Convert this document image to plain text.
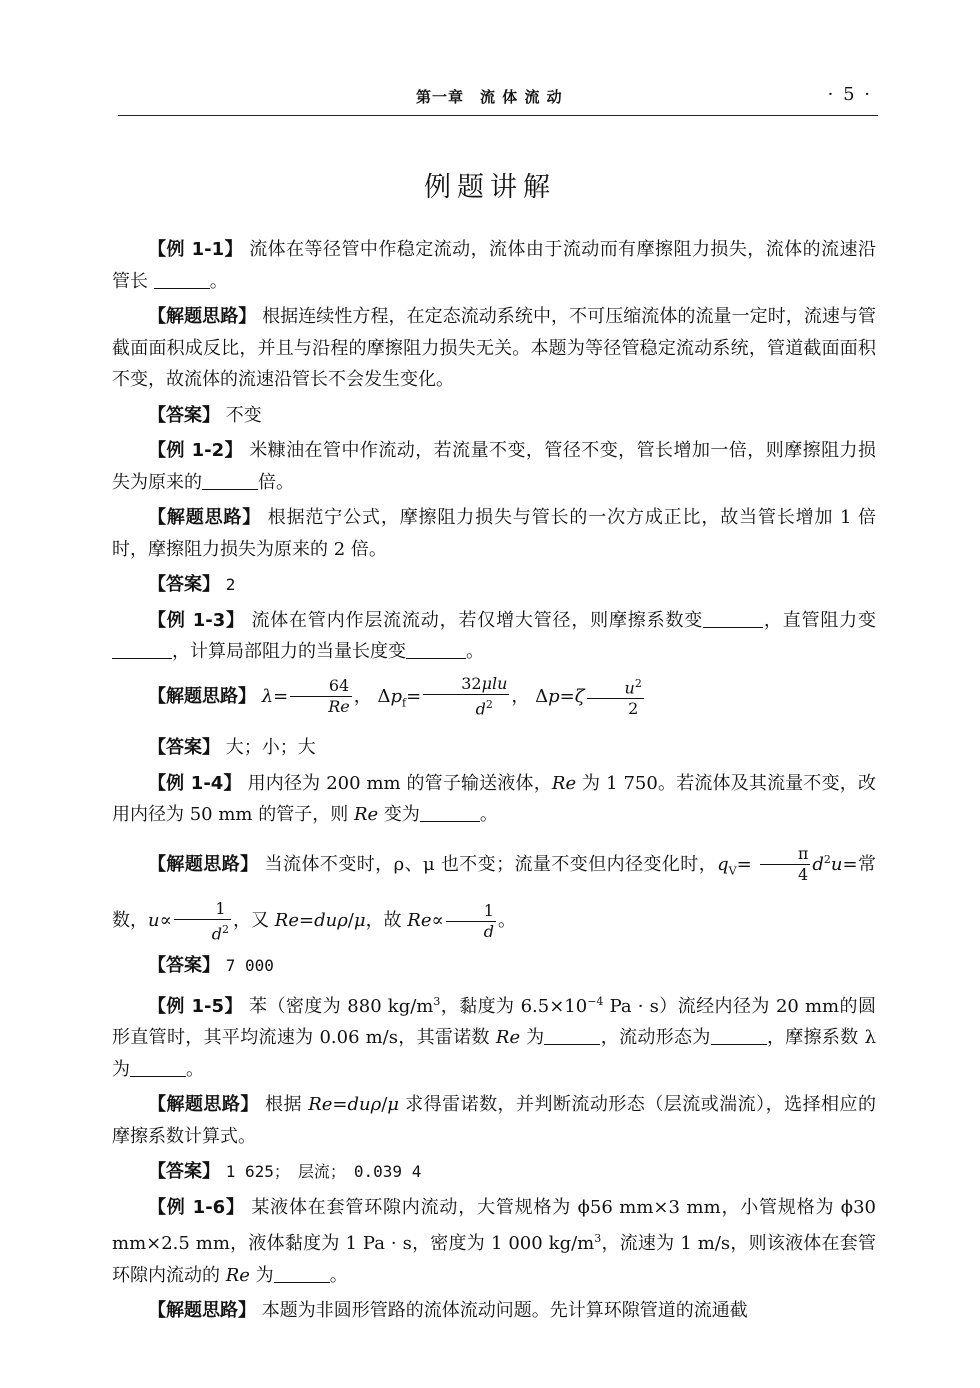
第一章　流 体 流 动	· 5 ·
例题讲解

【例 1-1】 流体在等径管中作稳定流动，流体由于流动而有摩擦阻力损失，流体的流速沿管长	。

【解题思路】 根据连续性方程，在定态流动系统中，不可压缩流体的流量一定时，流速与管截面面积成反比，并且与沿程的摩擦阻力损失无关。本题为等径管稳定流动系统，管道截面面积不变，故流体的流速沿管长不会发生变化。

【答案】 不变

【例 1-2】 米糠油在管中作流动，若流量不变，管径不变，管长增加一倍，则摩擦阻力损失为原来的	倍。

【解题思路】 根据范宁公式，摩擦阻力损失与管长的一次方成正比，故当管长增加 1 倍时，摩擦阻力损失为原来的 2 倍。

【答案】 2

【例 1-3】 流体在管内作层流流动，若仅增大管径，则摩擦系数变	，直管阻力变，计算局部阻力的当量长度变	。

【解题思路】 $\lambda= \frac{64}{Re}$ ， $\Delta p_f= \frac{\text{32μlu}}{d^2}$ ， $\Delta p=\zeta \frac{u^2}{2}$

【答案】 大；小；大

【例 1-4】 用内径为 200 mm 的管子输送液体，Re 为 1 750。若流体及其流量不变，改用内径为 50 mm 的管子，则 Re 变为	。

【解题思路】 当流体不变时，ρ、μ 也不变；流量不变但内径变化时，$q_V= \frac{\pi}{4} d^2u=$常数，$u\propto \frac{1}{d^2}$ ，又 Re=duρ/μ，故 $Re\propto \frac{1}{d}$ 。

【答案】 7 000

【例 1-5】 苯（密度为 880 $kg/m^3$，黏度为 $6.5\times 10^{-4}$ Pa · s）流经内径为 20 mm的圆形直管时，其平均流速为 0.06 m/s，其雷诺数 Re 为	，流动形态为	，摩擦系数 λ 为	。

【解题思路】 根据 Re=duρ/μ 求得雷诺数，并判断流动形态（层流或湍流），选择相应的摩擦系数计算式。

【答案】 1 625；　层流；　0.039 4

【例 1-6】 某液体在套管环隙内流动，大管规格为 ϕ56 mm×3 mm，小管规格为 ϕ30 mm×2.5 mm，液体黏度为 1 Pa · s，密度为 1 000 $kg/m^3$，流速为 1 m/s，则该液体在套管环隙内流动的 Re 为	。

【解题思路】 本题为非圆形管路的流体流动问题。先计算环隙管道的流通截
